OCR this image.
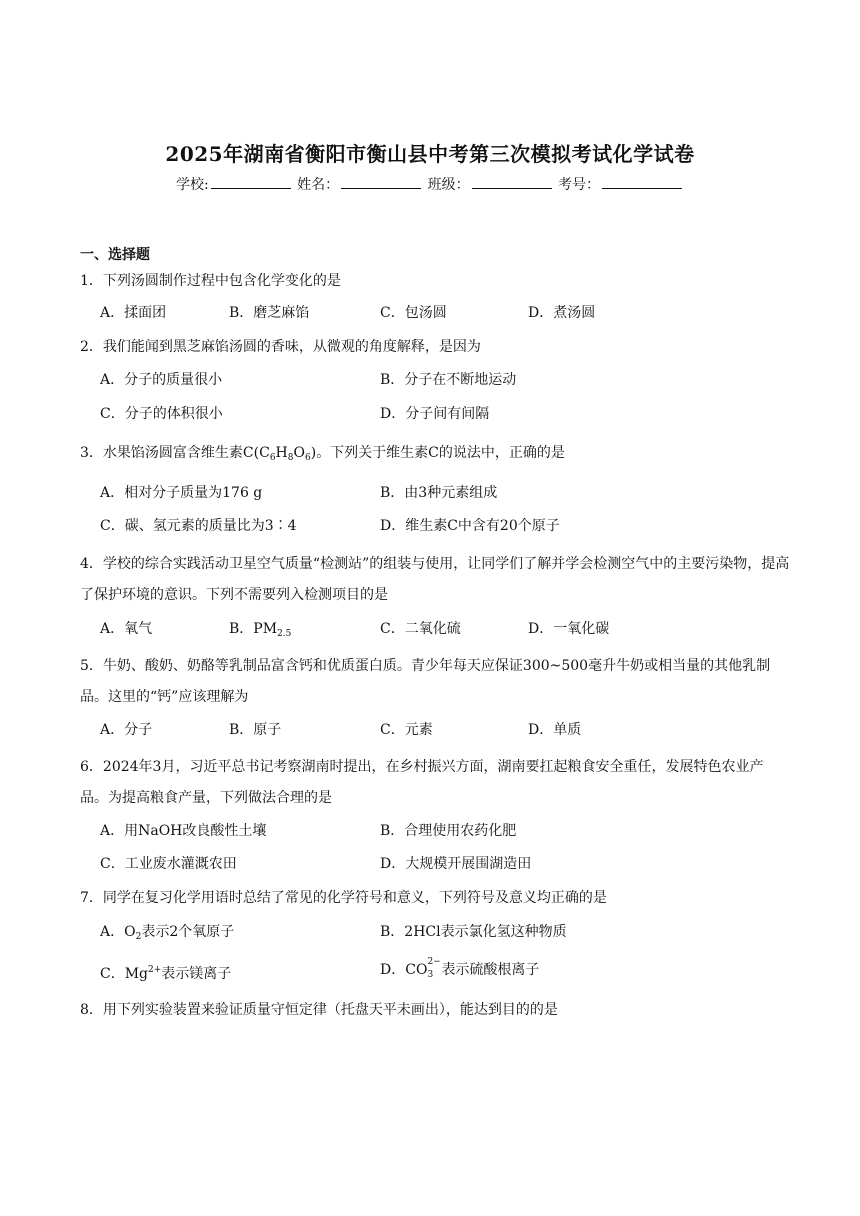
2025年湖南省衡阳市衡山县中考第三次模拟考试化学试卷
学校:	姓名：	班级：	考号：
一、选择题
1．下列汤圆制作过程中包含化学变化的是
A．揉面团	B．磨芝麻馅	C．包汤圆	D．煮汤圆
2．我们能闻到黑芝麻馅汤圆的香味，从微观的角度解释，是因为
A．分子的质量很小	B．分子在不断地运动
C．分子的体积很小	D．分子间有间隔
3．水果馅汤圆富含维生素$C(C_6H_8O_6)$。下列关于维生素C的说法中，正确的是
A．相对分子质量为176 g	B．由3种元素组成
C．碳、氢元素的质量比为3∶4	D．维生素C中含有20个原子
4．学校的综合实践活动卫星空气质量“检测站”的组装与使用，让同学们了解并学会检测空气中的主要污染物，提高了保护环境的意识。下列不需要列入检测项目的是
A．氧气	B．$PM_{2.5}$	C．二氧化硫	D．一氧化碳
5．牛奶、酸奶、奶酪等乳制品富含钙和优质蛋白质。青少年每天应保证300~500毫升牛奶或相当量的其他乳制品。这里的“钙”应该理解为
A．分子	B．原子	C．元素	D．单质
6．2024年3月，习近平总书记考察湖南时提出，在乡村振兴方面，湖南要扛起粮食安全重任，发展特色农业产品。为提高粮食产量，下列做法合理的是
A．用NaOH改良酸性土壤	B．合理使用农药化肥
C．工业废水灌溉农田	D．大规模开展围湖造田
7．同学在复习化学用语时总结了常见的化学符号和意义，下列符号及意义均正确的是
A．$O_2$表示2个氧原子	B．2HCl表示氯化氢这种物质
C．$Mg^{2+}$表示镁离子	D．CO 2−
3 表示硫酸根离子
8．用下列实验装置来验证质量守恒定律（托盘天平未画出），能达到目的的是
